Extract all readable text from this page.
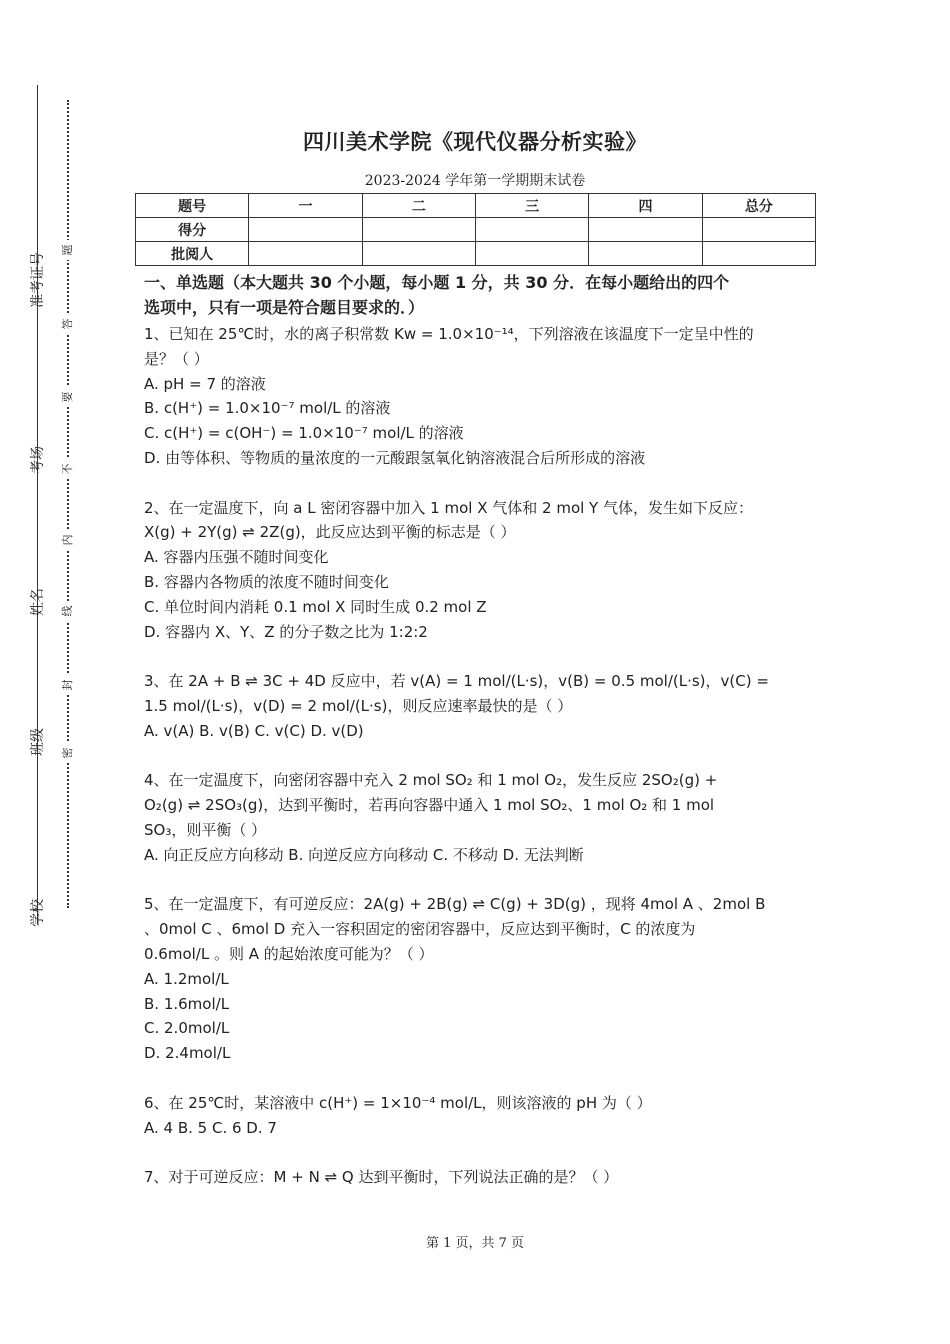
准考证号
考场
姓名
班级
学校
题
答
要
不
内
线
封
密
四川美术学院《现代仪器分析实验》
2023-2024 学年第一学期期末试卷
题号	一	二	三	四	总分
得分					
批阅人					
一、单选题（本大题共 30 个小题，每小题 1 分，共 30 分．在每小题给出的四个
选项中，只有一项是符合题目要求的．）

1、已知在 25℃时，水的离子积常数 Kw = 1.0×10⁻¹⁴，下列溶液在该温度下一定呈中性的

是？（ ）

A. pH = 7 的溶液

B. c(H⁺) = 1.0×10⁻⁷ mol/L 的溶液

C. c(H⁺) = c(OH⁻) = 1.0×10⁻⁷ mol/L 的溶液

D. 由等体积、等物质的量浓度的一元酸跟氢氧化钠溶液混合后所形成的溶液

2、在一定温度下，向 a L 密闭容器中加入 1 mol X 气体和 2 mol Y 气体，发生如下反应：

X(g) + 2Y(g) ⇌ 2Z(g)，此反应达到平衡的标志是（ ）

A. 容器内压强不随时间变化

B. 容器内各物质的浓度不随时间变化

C. 单位时间内消耗 0.1 mol X 同时生成 0.2 mol Z

D. 容器内 X、Y、Z 的分子数之比为 1:2:2

3、在 2A + B ⇌ 3C + 4D 反应中，若 v(A) = 1 mol/(L·s)，v(B) = 0.5 mol/(L·s)，v(C) =

1.5 mol/(L·s)，v(D) = 2 mol/(L·s)，则反应速率最快的是（ ）

A. v(A) B. v(B) C. v(C) D. v(D)

4、在一定温度下，向密闭容器中充入 2 mol SO₂ 和 1 mol O₂，发生反应 2SO₂(g) +

O₂(g) ⇌ 2SO₃(g)，达到平衡时，若再向容器中通入 1 mol SO₂、1 mol O₂ 和 1 mol

SO₃，则平衡（ ）

A. 向正反应方向移动 B. 向逆反应方向移动 C. 不移动 D. 无法判断

5、在一定温度下，有可逆反应：2A(g) + 2B(g) ⇌ C(g) + 3D(g) ，现将 4mol A 、2mol B

、0mol C 、6mol D 充入一容积固定的密闭容器中，反应达到平衡时，C 的浓度为

0.6mol/L 。则 A 的起始浓度可能为？（ ）

A. 1.2mol/L

B. 1.6mol/L

C. 2.0mol/L

D. 2.4mol/L

6、在 25℃时，某溶液中 c(H⁺) = 1×10⁻⁴ mol/L，则该溶液的 pH 为（ ）

A. 4 B. 5 C. 6 D. 7

7、对于可逆反应：M + N ⇌ Q 达到平衡时，下列说法正确的是？（ ）

第 1 页，共 7 页
